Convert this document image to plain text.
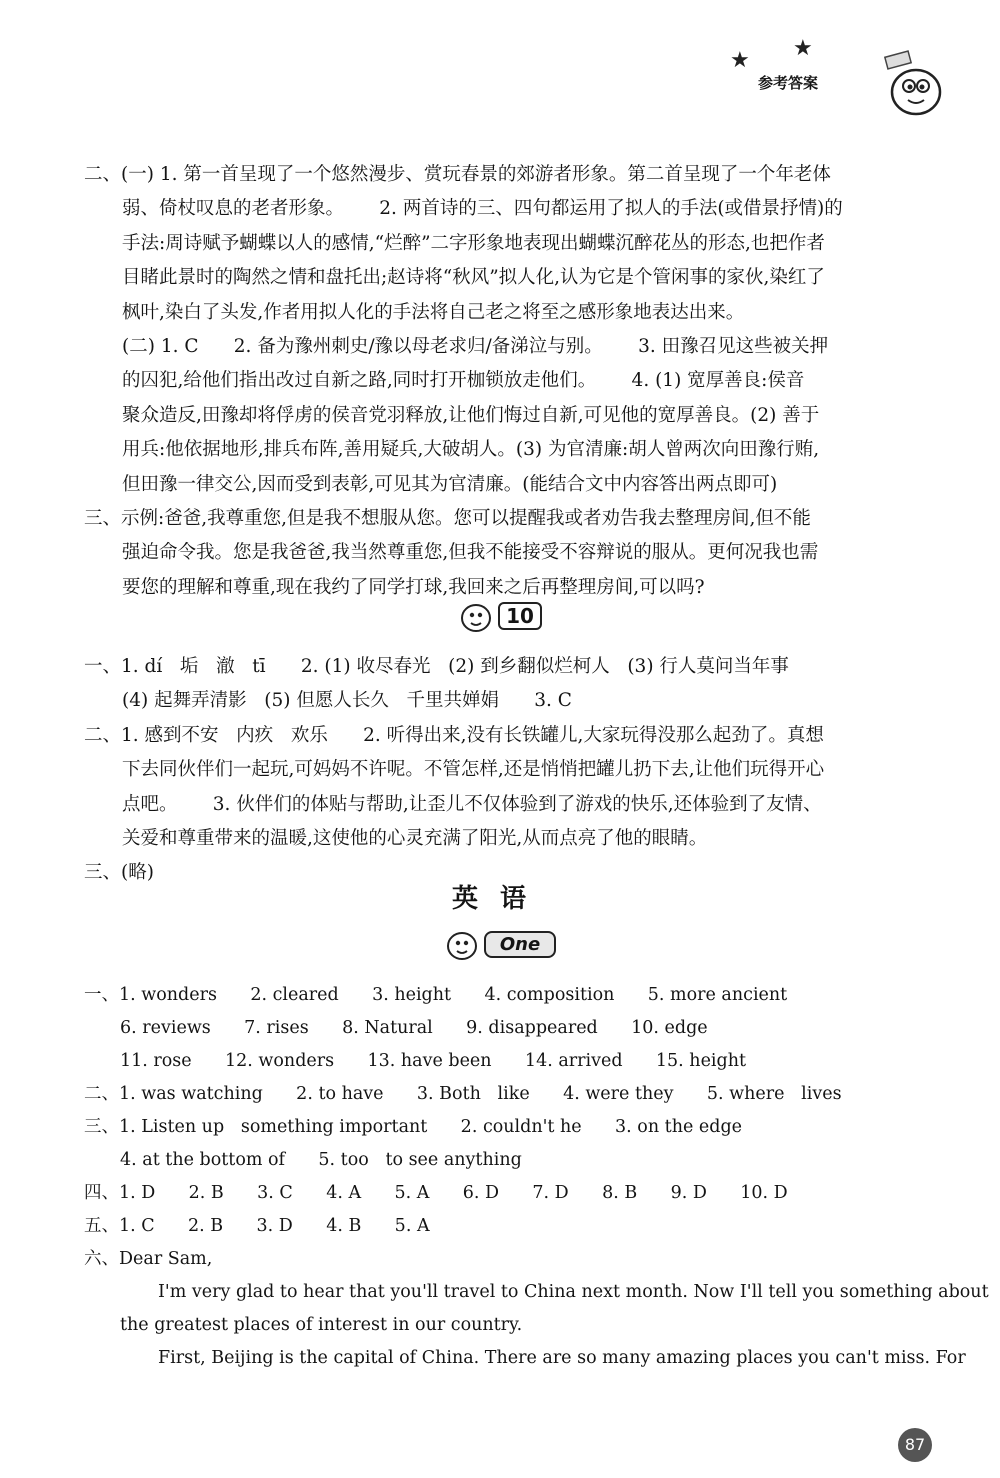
★ ★
参考答案
二、(一) 1. 第一首呈现了一个悠然漫步、赏玩春景的郊游者形象。第二首呈现了一个年老体
弱、倚杖叹息的老者形象。      2. 两首诗的三、四句都运用了拟人的手法(或借景抒情)的
手法:周诗赋予蝴蝶以人的感情,“烂醉”二字形象地表现出蝴蝶沉醉花丛的形态,也把作者
目睹此景时的陶然之情和盘托出;赵诗将“秋风”拟人化,认为它是个管闲事的家伙,染红了
枫叶,染白了头发,作者用拟人化的手法将自己老之将至之感形象地表达出来。
(二) 1. C      2. 备为豫州刺史/豫以母老求归/备涕泣与别。      3. 田豫召见这些被关押
的囚犯,给他们指出改过自新之路,同时打开枷锁放走他们。      4. (1) 宽厚善良:侯音
聚众造反,田豫却将俘虏的侯音党羽释放,让他们悔过自新,可见他的宽厚善良。(2) 善于
用兵:他依据地形,排兵布阵,善用疑兵,大破胡人。(3) 为官清廉:胡人曾两次向田豫行贿,
但田豫一律交公,因而受到表彰,可见其为官清廉。(能结合文中内容答出两点即可)
三、示例:爸爸,我尊重您,但是我不想服从您。您可以提醒我或者劝告我去整理房间,但不能
强迫命令我。您是我爸爸,我当然尊重您,但我不能接受不容辩说的服从。更何况我也需
要您的理解和尊重,现在我约了同学打球,我回来之后再整理房间,可以吗?
10
一、1. dí   垢   澈   tī      2. (1) 收尽春光   (2) 到乡翻似烂柯人   (3) 行人莫问当年事
(4) 起舞弄清影   (5) 但愿人长久   千里共婵娟      3. C
二、1. 感到不安   内疚   欢乐      2. 听得出来,没有长铁罐儿,大家玩得没那么起劲了。真想
下去同伙伴们一起玩,可妈妈不许呢。不管怎样,还是悄悄把罐儿扔下去,让他们玩得开心
点吧。      3. 伙伴们的体贴与帮助,让歪儿不仅体验到了游戏的快乐,还体验到了友情、
关爱和尊重带来的温暖,这使他的心灵充满了阳光,从而点亮了他的眼睛。
三、(略)
英语
One
一、1. wonders      2. cleared      3. height      4. composition      5. more ancient
6. reviews      7. rises      8. Natural      9. disappeared      10. edge
11. rose      12. wonders      13. have been      14. arrived      15. height
二、1. was watching      2. to have      3. Both   like      4. were they      5. where   lives
三、1. Listen up   something important      2. couldn't he      3. on the edge
4. at the bottom of      5. too   to see anything
四、1. D      2. B      3. C      4. A      5. A      6. D      7. D      8. B      9. D      10. D
五、1. C      2. B      3. D      4. B      5. A
六、Dear Sam,
I'm very glad to hear that you'll travel to China next month. Now I'll tell you something about
the greatest places of interest in our country.
First, Beijing is the capital of China. There are so many amazing places you can't miss. For
87
